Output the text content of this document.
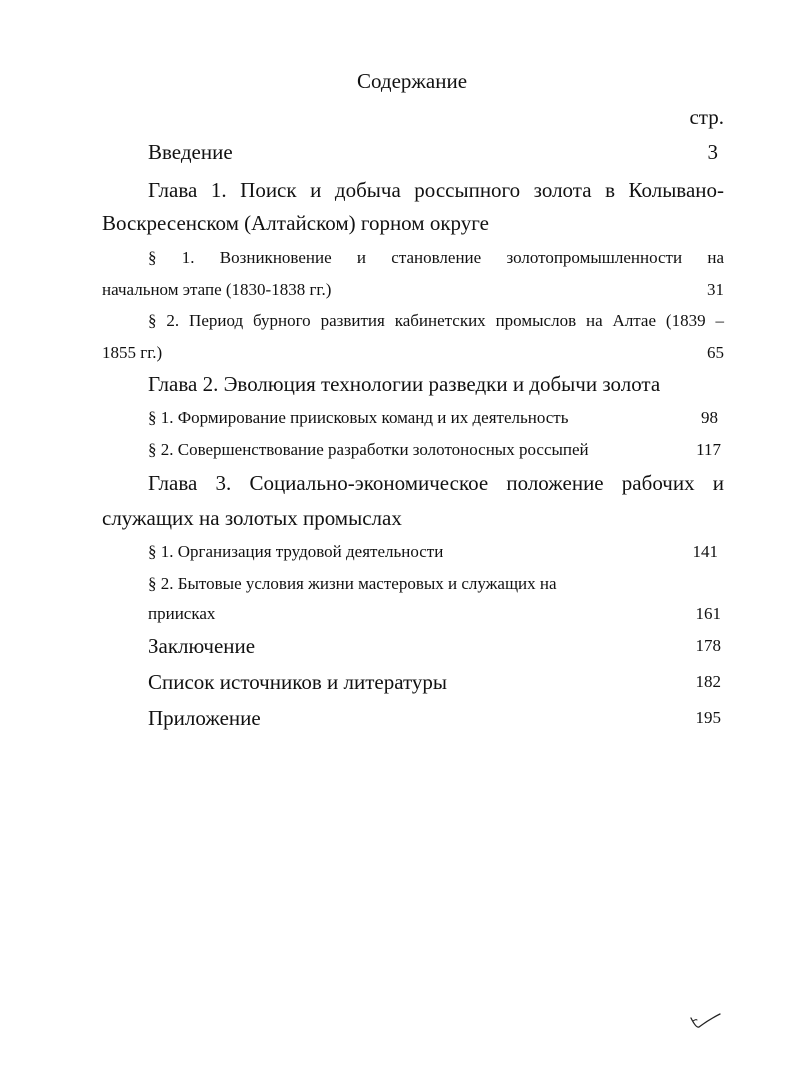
Содержание
стр.
Введение	3
Глава 1. Поиск и добыча россыпного золота в Колывано-
Воскресенском (Алтайском) горном округе
§ 1. Возникновение и становление золотопромышленности на
начальном этапе (1830-1838 гг.)	31
§ 2. Период бурного развития кабинетских промыслов на Алтае (1839 –
1855 гг.)	65
Глава 2. Эволюция технологии разведки и добычи золота
§ 1. Формирование приисковых команд и их деятельность	98
§ 2. Совершенствование разработки золотоносных россыпей	117
Глава 3. Социально-экономическое положение рабочих и
служащих на золотых промыслах
§ 1. Организация трудовой деятельности	141
§ 2. Бытовые условия жизни мастеровых и служащих на
приисках	161
Заключение	178
Список источников и литературы	182
Приложение	195
